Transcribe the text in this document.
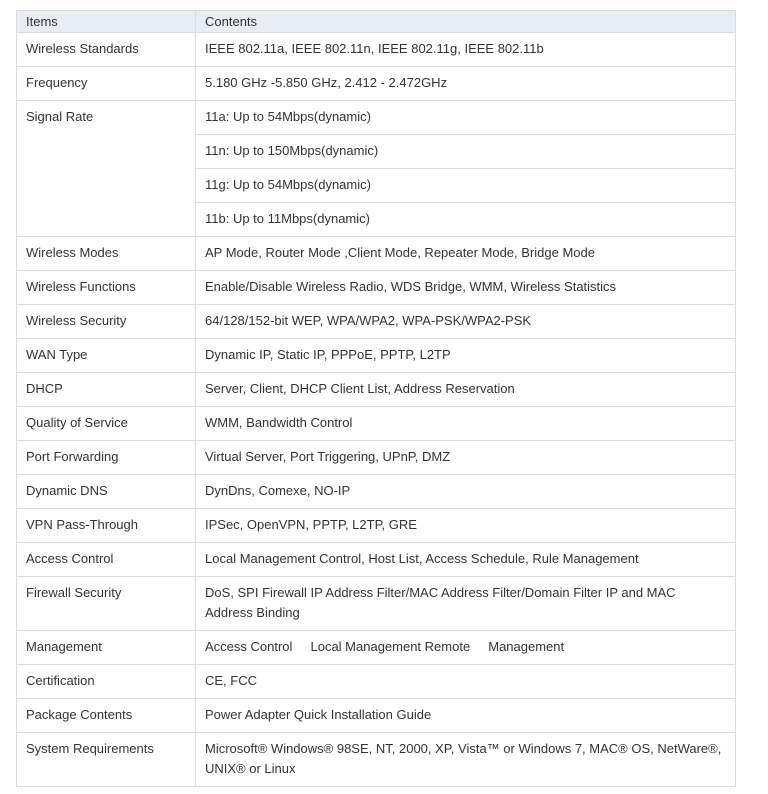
Items	Contents
Wireless Standards	IEEE 802.11a, IEEE 802.11n, IEEE 802.11g, IEEE 802.11b
Frequency	5.180 GHz -5.850 GHz, 2.412 - 2.472GHz
Signal Rate	11a: Up to 54Mbps(dynamic)
	11n: Up to 150Mbps(dynamic)
	11g: Up to 54Mbps(dynamic)
	11b: Up to 11Mbps(dynamic)
Wireless Modes	AP Mode, Router Mode ,Client Mode, Repeater Mode, Bridge Mode
Wireless Functions	Enable/Disable Wireless Radio, WDS Bridge, WMM, Wireless Statistics
Wireless Security	64/128/152-bit WEP, WPA/WPA2, WPA-PSK/WPA2-PSK
WAN Type	Dynamic IP, Static IP, PPPoE, PPTP, L2TP
DHCP	Server, Client, DHCP Client List, Address Reservation
Quality of Service	WMM, Bandwidth Control
Port Forwarding	Virtual Server, Port Triggering, UPnP, DMZ
Dynamic DNS	DynDns, Comexe, NO-IP
VPN Pass-Through	IPSec, OpenVPN, PPTP, L2TP, GRE
Access Control	Local Management Control, Host List, Access Schedule, Rule Management
Firewall Security	DoS, SPI Firewall IP Address Filter/MAC Address Filter/Domain Filter IP and MAC Address Binding
Management	Access Control     Local Management Remote     Management
Certification	CE, FCC
Package Contents	Power Adapter Quick Installation Guide
System Requirements	Microsoft® Windows® 98SE, NT, 2000, XP, Vista™ or Windows 7, MAC® OS, NetWare®, UNIX® or Linux
